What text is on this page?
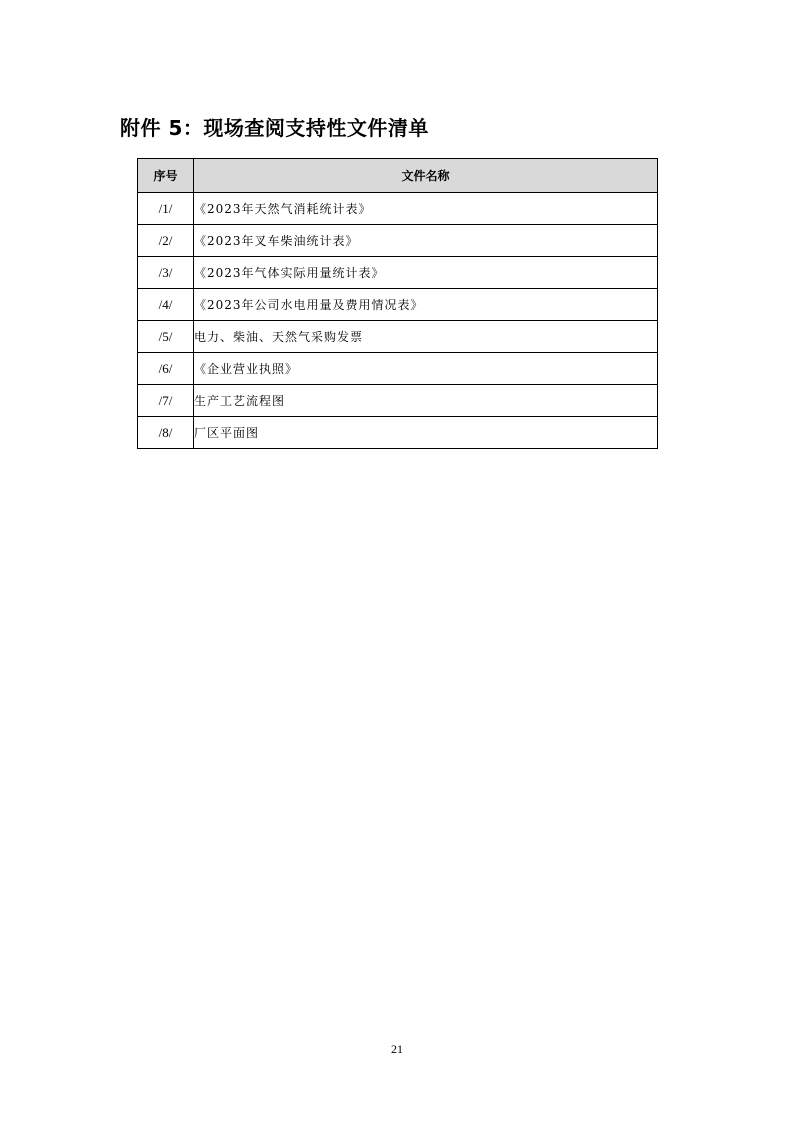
附件 5：现场查阅支持性文件清单
序号	文件名称
/1/	《2023年天然气消耗统计表》
/2/	《2023年叉车柴油统计表》
/3/	《2023年气体实际用量统计表》
/4/	《2023年公司水电用量及费用情况表》
/5/	电力、柴油、天然气采购发票
/6/	《企业营业执照》
/7/	生产工艺流程图
/8/	厂区平面图
21
